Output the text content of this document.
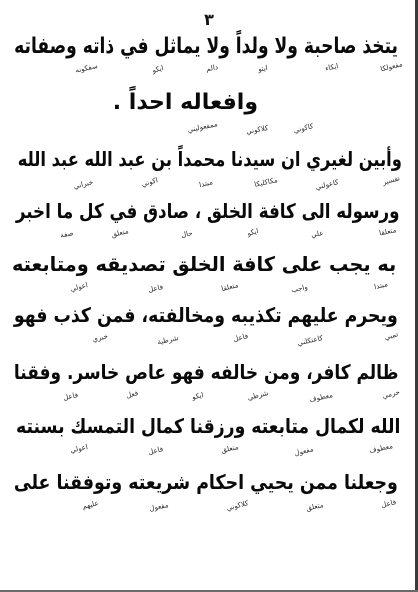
٣
يتخذ صاحبة ولا ولداً ولا يماثل في ذاته وصفاته
مفعولكا
ايكاء
ايتو
دالم
ايكو
سفكونه
وافعاله احداً .
ممفعوليني	كلاكوني	كاكوني
وأبين لغيري ان سيدنا محمداً بن عبد الله عبد الله
تفسير
كاعولني
مكاكليكا
مبتدا
اكوني
خبراني
ورسوله الى كافة الخلق ، صادق في كل ما اخبر
متعلقا
علي
ايكو
حال
متعلق
صفة
به يجب على كافة الخلق تصديقه ومتابعته
مبتدا
واجب
متعلقا
فاعل
اعولي
ويحرم عليهم تكذيبه ومخالفته، فمن كذب فهو
تمبي
كاعتكلني
فاعل
شرطية
خبري
ظالم كافر، ومن خالفه فهو عاص خاسر. وفقنا
حرمي
معطوف
شرطي
ايكو
فعل
فاعل
الله لكمال متابعته ورزقنا كمال التمسك بسنته
معطوف
مفعول
متعلق
فاعل
اعولي
وجعلنا ممن يحيي احكام شريعته وتوفقنا على
فاعل
متعلق
كلاكوني
مفعول
عليهم
